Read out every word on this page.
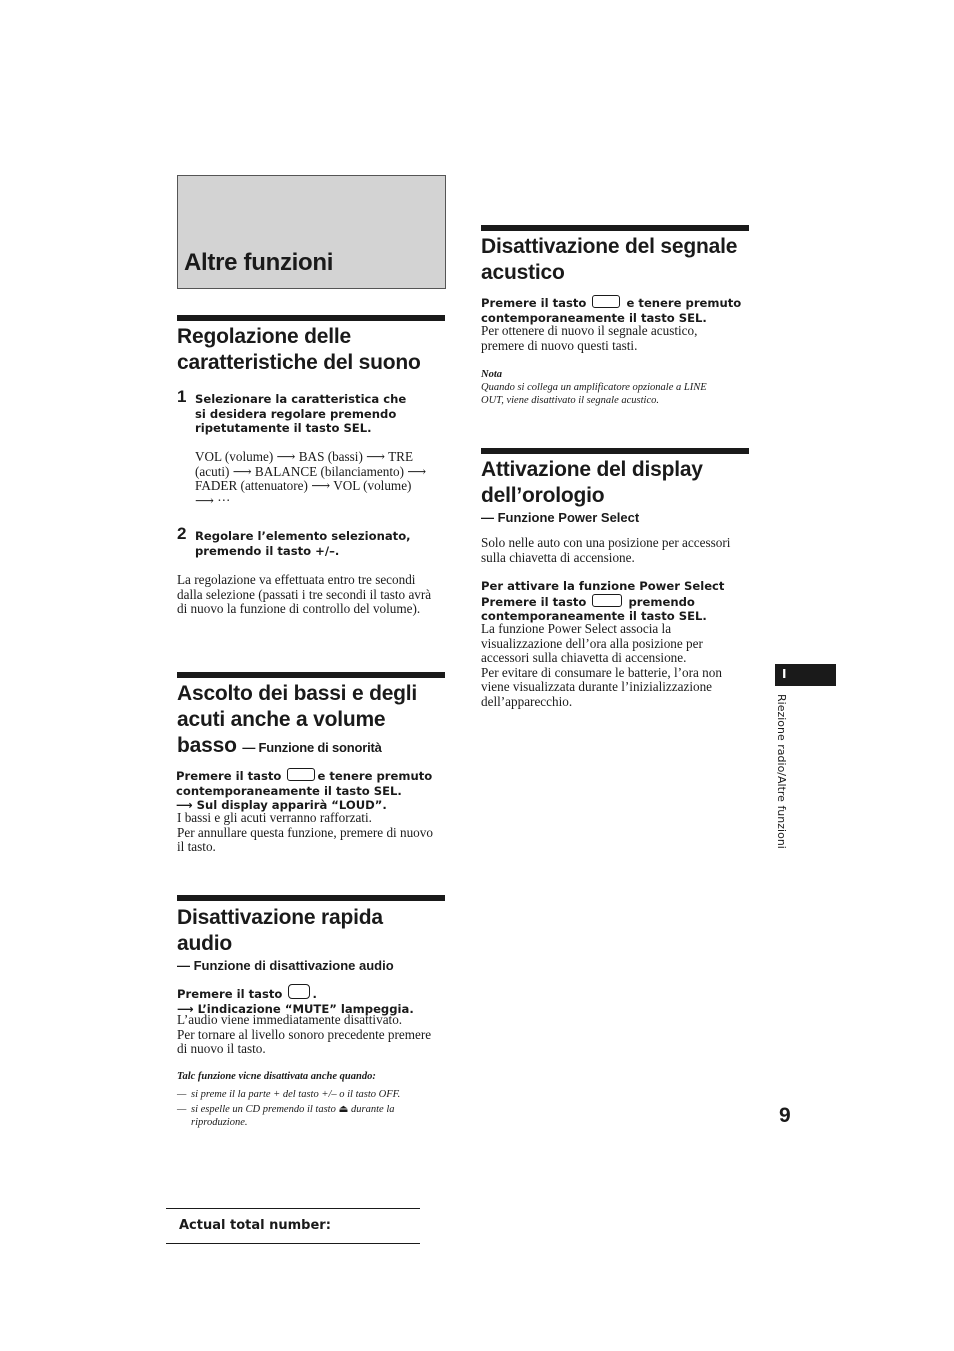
Altre funzioni
Regolazione delle caratteristiche del suono
1 Selezionare la caratteristica che si desidera regolare premendo ripetutamente il tasto SEL.
VOL (volume) ⟶ BAS (bassi) ⟶ TRE (acuti) ⟶ BALANCE (bilanciamento) ⟶ FADER (attenuatore) ⟶ VOL (volume)
⟶ ···
2 Regolare l’elemento selezionato, premendo il tasto +/–.
La regolazione va effettuata entro tre secondi dalla selezione (passati i tre secondi il tasto avrà di nuovo la funzione di controllo del volume).
Ascolto dei bassi e degli acuti anche a volume basso — Funzione di sonorità
Premere il tasto	e tenere premuto contemporaneamente il tasto SEL.
⟶ Sul display apparirà “LOUD”.
I bassi e gli acuti verranno rafforzati.
Per annullare questa funzione, premere di nuovo il tasto.
Disattivazione rapida audio
— Funzione di disattivazione audio
Premere il tasto	.
⟶ L’indicazione “MUTE” lampeggia.
L’audio viene immediatamente disattivato.
Per tornare al livello sonoro precedente premere di nuovo il tasto.
Talc funzione vicne disattivata anche quando:
— si preme il la parte + del tasto +/– o il tasto OFF.
— si espelle un CD premendo il tasto ⏏ durante la riproduzione.
Actual total number:
Disattivazione del segnale acustico
Premere il tasto	e tenere premuto contemporaneamente il tasto SEL.
Per ottenere di nuovo il segnale acustico, premere di nuovo questi tasti.
Nota
Quando si collega un amplificatore opzionale a LINE OUT, viene disattivato il segnale acustico.
Attivazione del display dell’orologio
— Funzione Power Select
Solo nelle auto con una posizione per accessori sulla chiavetta di accensione.
Per attivare la funzione Power Select
Premere il tasto	premendo
contemporaneamente il tasto SEL.
La funzione Power Select associa la visualizzazione dell’ora alla posizione per accessori sulla chiavetta di accensione.
Per evitare di consumare le batterie, l’ora non viene visualizzata durante l’inizializzazione dell’apparecchio.
I
Riezione radio/Altre funzioni
9
